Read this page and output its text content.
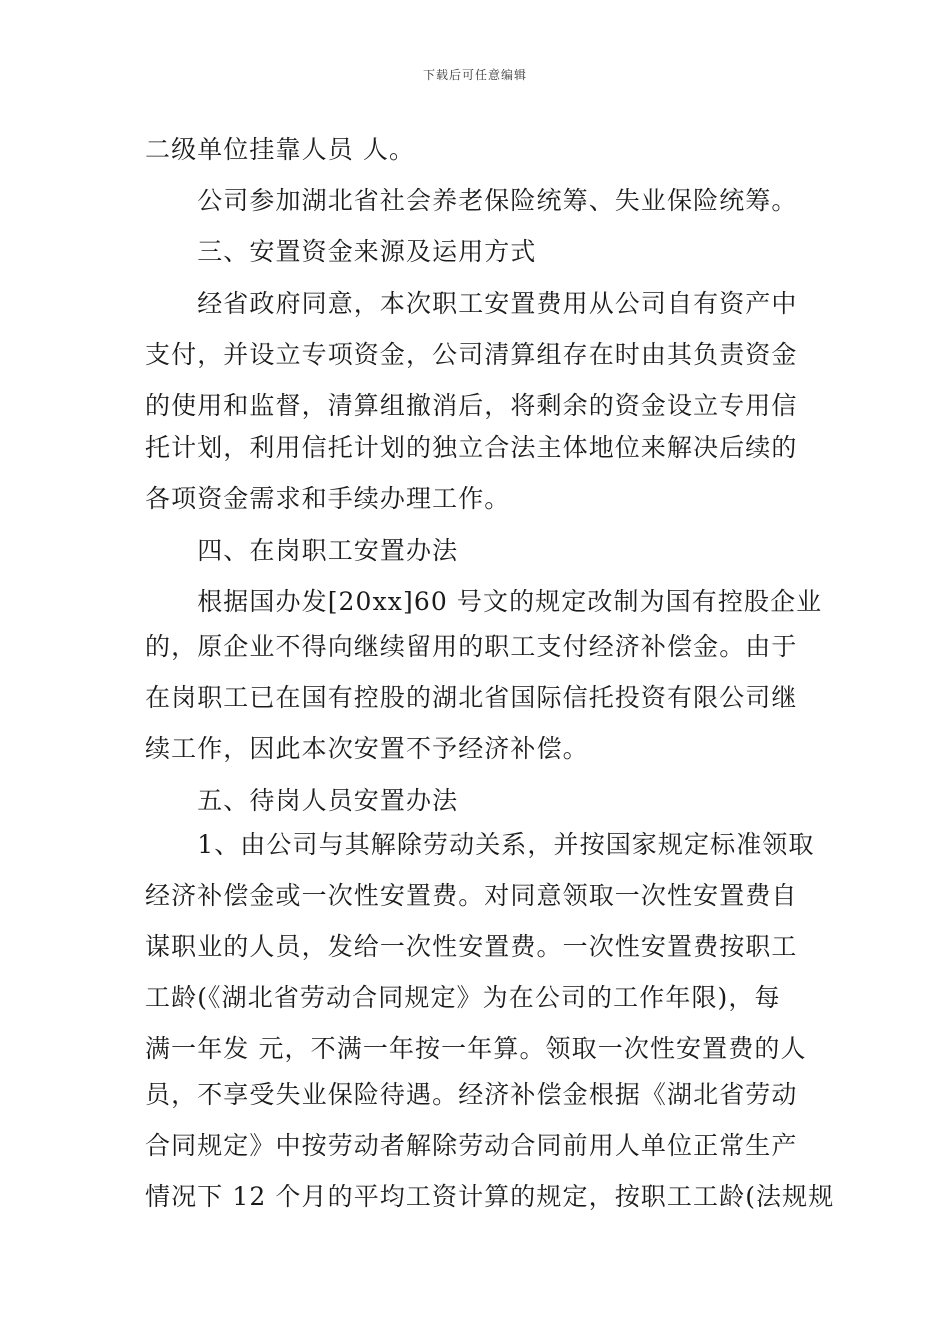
下载后可任意编辑
二级单位挂靠人员 人。
　　公司参加湖北省社会养老保险统筹、失业保险统筹。
　　三、安置资金来源及运用方式
　　经省政府同意，本次职工安置费用从公司自有资产中
支付，并设立专项资金，公司清算组存在时由其负责资金
的使用和监督，清算组撤消后，将剩余的资金设立专用信
托计划，利用信托计划的独立合法主体地位来解决后续的
各项资金需求和手续办理工作。
　　四、在岗职工安置办法
　　根据国办发[20xx]60 号文的规定改制为国有控股企业
的，原企业不得向继续留用的职工支付经济补偿金。由于
在岗职工已在国有控股的湖北省国际信托投资有限公司继
续工作，因此本次安置不予经济补偿。
　　五、待岗人员安置办法
　　1、由公司与其解除劳动关系，并按国家规定标准领取
经济补偿金或一次性安置费。对同意领取一次性安置费自
谋职业的人员，发给一次性安置费。一次性安置费按职工
工龄(《湖北省劳动合同规定》为在公司的工作年限)，每
满一年发 元，不满一年按一年算。领取一次性安置费的人
员，不享受失业保险待遇。经济补偿金根据《湖北省劳动
合同规定》中按劳动者解除劳动合同前用人单位正常生产
情况下 12 个月的平均工资计算的规定，按职工工龄(法规规
